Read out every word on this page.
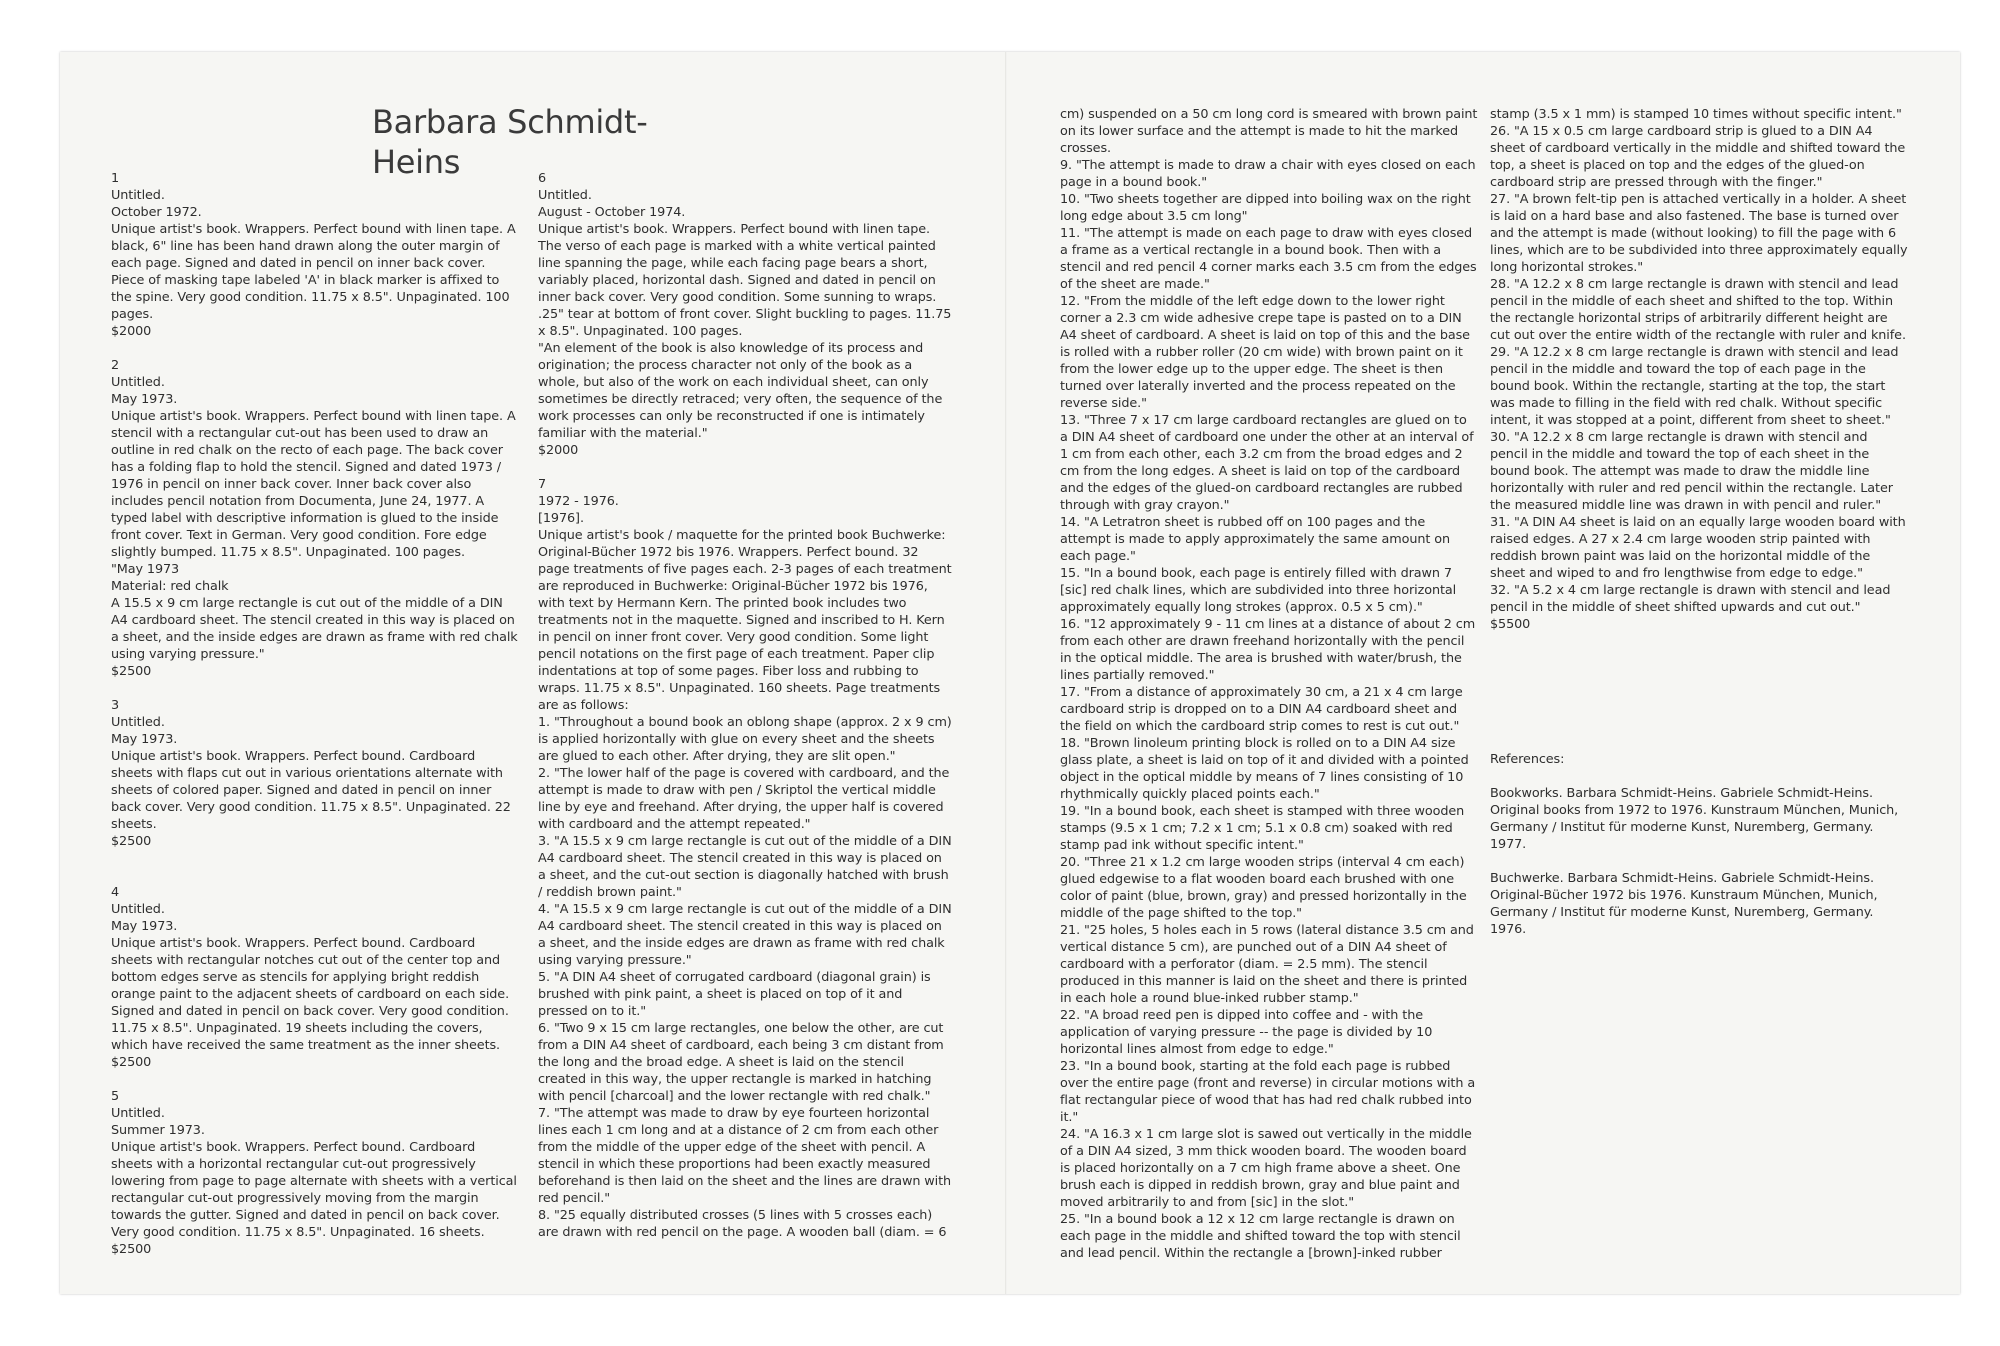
Barbara Schmidt-Heins
1
Untitled.
October 1972.
Unique artist's book. Wrappers. Perfect bound with linen tape. A black, 6" line has been hand drawn along the outer margin of each page. Signed and dated in pencil on inner back cover. Piece of masking tape labeled 'A' in black marker is affixed to the spine. Very good condition. 11.75 x 8.5". Unpaginated. 100 pages.
$2000
2
Untitled.
May 1973.
Unique artist's book. Wrappers. Perfect bound with linen tape. A stencil with a rectangular cut-out has been used to draw an outline in red chalk on the recto of each page. The back cover has a folding flap to hold the stencil. Signed and dated 1973 / 1976 in pencil on inner back cover. Inner back cover also includes pencil notation from Documenta, June 24, 1977. A typed label with descriptive information is glued to the inside front cover. Text in German. Very good condition. Fore edge slightly bumped. 11.75 x 8.5". Unpaginated. 100 pages.
"May 1973
Material: red chalk
A 15.5 x 9 cm large rectangle is cut out of the middle of a DIN A4 cardboard sheet. The stencil created in this way is placed on a sheet, and the inside edges are drawn as frame with red chalk using varying pressure."
$2500
3
Untitled.
May 1973.
Unique artist's book. Wrappers. Perfect bound. Cardboard sheets with flaps cut out in various orientations alternate with sheets of colored paper. Signed and dated in pencil on inner back cover. Very good condition. 11.75 x 8.5". Unpaginated. 22 sheets.
$2500
4
Untitled.
May 1973.
Unique artist's book. Wrappers. Perfect bound. Cardboard sheets with rectangular notches cut out of the center top and bottom edges serve as stencils for applying bright reddish orange paint to the adjacent sheets of cardboard on each side. Signed and dated in pencil on back cover. Very good condition. 11.75 x 8.5". Unpaginated. 19 sheets including the covers, which have received the same treatment as the inner sheets.
$2500
5
Untitled.
Summer 1973.
Unique artist's book. Wrappers. Perfect bound. Cardboard sheets with a horizontal rectangular cut-out progressively lowering from page to page alternate with sheets with a vertical rectangular cut-out progressively moving from the margin towards the gutter. Signed and dated in pencil on back cover. Very good condition. 11.75 x 8.5". Unpaginated. 16 sheets.
$2500
6
Untitled.
August - October 1974.
Unique artist's book. Wrappers. Perfect bound with linen tape. The verso of each page is marked with a white vertical painted line spanning the page, while each facing page bears a short, variably placed, horizontal dash. Signed and dated in pencil on inner back cover. Very good condition. Some sunning to wraps. .25" tear at bottom of front cover. Slight buckling to pages. 11.75 x 8.5". Unpaginated. 100 pages.
"An element of the book is also knowledge of its process and origination; the process character not only of the book as a whole, but also of the work on each individual sheet, can only sometimes be directly retraced; very often, the sequence of the work processes can only be reconstructed if one is intimately familiar with the material."
$2000
7
1972 - 1976.
[1976].
Unique artist's book / maquette for the printed book Buchwerke: Original-Bücher 1972 bis 1976. Wrappers. Perfect bound. 32 page treatments of five pages each. 2-3 pages of each treatment are reproduced in Buchwerke: Original-Bücher 1972 bis 1976, with text by Hermann Kern. The printed book includes two treatments not in the maquette. Signed and inscribed to H. Kern in pencil on inner front cover. Very good condition. Some light pencil notations on the first page of each treatment. Paper clip indentations at top of some pages. Fiber loss and rubbing to wraps. 11.75 x 8.5". Unpaginated. 160 sheets. Page treatments are as follows:
1. "Throughout a bound book an oblong shape (approx. 2 x 9 cm) is applied horizontally with glue on every sheet and the sheets are glued to each other. After drying, they are slit open."
2. "The lower half of the page is covered with cardboard, and the attempt is made to draw with pen / Skriptol the vertical middle line by eye and freehand. After drying, the upper half is covered with cardboard and the attempt repeated."
3. "A 15.5 x 9 cm large rectangle is cut out of the middle of a DIN A4 cardboard sheet. The stencil created in this way is placed on a sheet, and the cut-out section is diagonally hatched with brush / reddish brown paint."
4. "A 15.5 x 9 cm large rectangle is cut out of the middle of a DIN A4 cardboard sheet. The stencil created in this way is placed on a sheet, and the inside edges are drawn as frame with red chalk using varying pressure."
5. "A DIN A4 sheet of corrugated cardboard (diagonal grain) is brushed with pink paint, a sheet is placed on top of it and pressed on to it."
6. "Two 9 x 15 cm large rectangles, one below the other, are cut from a DIN A4 sheet of cardboard, each being 3 cm distant from the long and the broad edge. A sheet is laid on the stencil created in this way, the upper rectangle is marked in hatching with pencil [charcoal] and the lower rectangle with red chalk."
7. "The attempt was made to draw by eye fourteen horizontal lines each 1 cm long and at a distance of 2 cm from each other from the middle of the upper edge of the sheet with pencil. A stencil in which these proportions had been exactly measured beforehand is then laid on the sheet and the lines are drawn with red pencil."
8. "25 equally distributed crosses (5 lines with 5 crosses each) are drawn with red pencil on the page. A wooden ball (diam. = 6
cm) suspended on a 50 cm long cord is smeared with brown paint on its lower surface and the attempt is made to hit the marked crosses.
9. "The attempt is made to draw a chair with eyes closed on each page in a bound book."
10. "Two sheets together are dipped into boiling wax on the right long edge about 3.5 cm long"
11. "The attempt is made on each page to draw with eyes closed a frame as a vertical rectangle in a bound book. Then with a stencil and red pencil 4 corner marks each 3.5 cm from the edges of the sheet are made."
12. "From the middle of the left edge down to the lower right corner a 2.3 cm wide adhesive crepe tape is pasted on to a DIN A4 sheet of cardboard. A sheet is laid on top of this and the base is rolled with a rubber roller (20 cm wide) with brown paint on it from the lower edge up to the upper edge. The sheet is then turned over laterally inverted and the process repeated on the reverse side."
13. "Three 7 x 17 cm large cardboard rectangles are glued on to a DIN A4 sheet of cardboard one under the other at an interval of 1 cm from each other, each 3.2 cm from the broad edges and 2 cm from the long edges. A sheet is laid on top of the cardboard and the edges of the glued-on cardboard rectangles are rubbed through with gray crayon."
14. "A Letratron sheet is rubbed off on 100 pages and the attempt is made to apply approximately the same amount on each page."
15. "In a bound book, each page is entirely filled with drawn 7 [sic] red chalk lines, which are subdivided into three horizontal approximately equally long strokes (approx. 0.5 x 5 cm)."
16. "12 approximately 9 - 11 cm lines at a distance of about 2 cm from each other are drawn freehand horizontally with the pencil in the optical middle. The area is brushed with water/brush, the lines partially removed."
17. "From a distance of approximately 30 cm, a 21 x 4 cm large cardboard strip is dropped on to a DIN A4 cardboard sheet and the field on which the cardboard strip comes to rest is cut out."
18. "Brown linoleum printing block is rolled on to a DIN A4 size glass plate, a sheet is laid on top of it and divided with a pointed object in the optical middle by means of 7 lines consisting of 10 rhythmically quickly placed points each."
19. "In a bound book, each sheet is stamped with three wooden stamps (9.5 x 1 cm; 7.2 x 1 cm; 5.1 x 0.8 cm) soaked with red stamp pad ink without specific intent."
20. "Three 21 x 1.2 cm large wooden strips (interval 4 cm each) glued edgewise to a flat wooden board each brushed with one color of paint (blue, brown, gray) and pressed horizontally in the middle of the page shifted to the top."
21. "25 holes, 5 holes each in 5 rows (lateral distance 3.5 cm and vertical distance 5 cm), are punched out of a DIN A4 sheet of cardboard with a perforator (diam. = 2.5 mm). The stencil produced in this manner is laid on the sheet and there is printed in each hole a round blue-inked rubber stamp."
22. "A broad reed pen is dipped into coffee and - with the application of varying pressure -- the page is divided by 10 horizontal lines almost from edge to edge."
23. "In a bound book, starting at the fold each page is rubbed over the entire page (front and reverse) in circular motions with a flat rectangular piece of wood that has had red chalk rubbed into it."
24. "A 16.3 x 1 cm large slot is sawed out vertically in the middle of a DIN A4 sized, 3 mm thick wooden board. The wooden board is placed horizontally on a 7 cm high frame above a sheet. One brush each is dipped in reddish brown, gray and blue paint and moved arbitrarily to and from [sic] in the slot."
25. "In a bound book a 12 x 12 cm large rectangle is drawn on each page in the middle and shifted toward the top with stencil and lead pencil. Within the rectangle a [brown]-inked rubber
stamp (3.5 x 1 mm) is stamped 10 times without specific intent."
26. "A 15 x 0.5 cm large cardboard strip is glued to a DIN A4 sheet of cardboard vertically in the middle and shifted toward the top, a sheet is placed on top and the edges of the glued-on cardboard strip are pressed through with the finger."
27. "A brown felt-tip pen is attached vertically in a holder. A sheet is laid on a hard base and also fastened. The base is turned over and the attempt is made (without looking) to fill the page with 6 lines, which are to be subdivided into three approximately equally long horizontal strokes."
28. "A 12.2 x 8 cm large rectangle is drawn with stencil and lead pencil in the middle of each sheet and shifted to the top. Within the rectangle horizontal strips of arbitrarily different height are cut out over the entire width of the rectangle with ruler and knife.
29. "A 12.2 x 8 cm large rectangle is drawn with stencil and lead pencil in the middle and toward the top of each page in the bound book. Within the rectangle, starting at the top, the start was made to filling in the field with red chalk. Without specific intent, it was stopped at a point, different from sheet to sheet."
30. "A 12.2 x 8 cm large rectangle is drawn with stencil and pencil in the middle and toward the top of each sheet in the bound book. The attempt was made to draw the middle line horizontally with ruler and red pencil within the rectangle. Later the measured middle line was drawn in with pencil and ruler."
31. "A DIN A4 sheet is laid on an equally large wooden board with raised edges. A 27 x 2.4 cm large wooden strip painted with reddish brown paint was laid on the horizontal middle of the sheet and wiped to and fro lengthwise from edge to edge."
32. "A 5.2 x 4 cm large rectangle is drawn with stencil and lead pencil in the middle of sheet shifted upwards and cut out."
$5500

References:

Bookworks. Barbara Schmidt-Heins. Gabriele Schmidt-Heins. Original books from 1972 to 1976. Kunstraum München, Munich, Germany / Institut für moderne Kunst, Nuremberg, Germany. 1977.

Buchwerke. Barbara Schmidt-Heins. Gabriele Schmidt-Heins. Original-Bücher 1972 bis 1976. Kunstraum München, Munich, Germany / Institut für moderne Kunst, Nuremberg, Germany. 1976.
